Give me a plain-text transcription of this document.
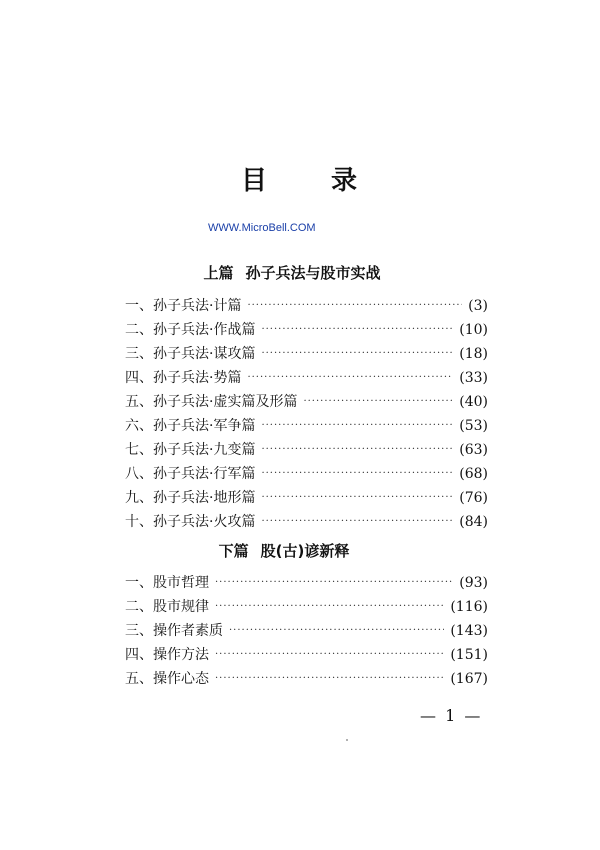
目 录
WWW.MicroBell.COM
上篇 孙子兵法与股市实战
一、孙子兵法·计篇 ·····	(3)
二、孙子兵法·作战篇 ·····	(10)
三、孙子兵法·谋攻篇 ·····	(18)
四、孙子兵法·势篇 ·····	(33)
五、孙子兵法·虚实篇及形篇 ·····	(40)
六、孙子兵法·军争篇 ·····	(53)
七、孙子兵法·九变篇 ·····	(63)
八、孙子兵法·行军篇 ·····	(68)
九、孙子兵法·地形篇 ·····	(76)
十、孙子兵法·火攻篇 ·····	(84)
下篇 股(古)谚新释
一、股市哲理 ·····	(93)
二、股市规律 ·····	(116)
三、操作者素质 ·····	(143)
四、操作方法 ·····	(151)
五、操作心态 ·····	(167)
— 1 —
